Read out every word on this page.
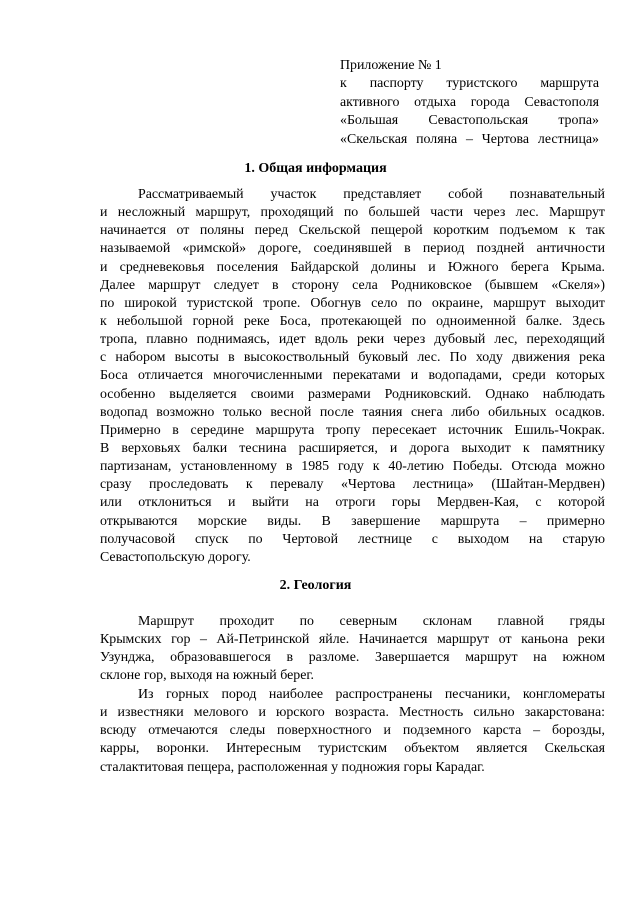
Приложение № 1
к паспорту туристского маршрута
активного отдыха города Севастополя
«Большая Севастопольская тропа»
«Скельская поляна – Чертова лестница»
1. Общая информация
Рассматриваемый участок представляет собой познавательный
и несложный маршрут, проходящий по большей части через лес. Маршрут
начинается от поляны перед Скельской пещерой коротким подъемом к так
называемой «римской» дороге, соединявшей в период поздней античности
и средневековья поселения Байдарской долины и Южного берега Крыма.
Далее маршрут следует в сторону села Родниковское (бывшем «Скеля»)
по широкой туристской тропе. Обогнув село по окраине, маршрут выходит
к небольшой горной реке Боса, протекающей по одноименной балке. Здесь
тропа, плавно поднимаясь, идет вдоль реки через дубовый лес, переходящий
с набором высоты в высокоствольный буковый лес. По ходу движения река
Боса отличается многочисленными перекатами и водопадами, среди которых
особенно выделяется своими размерами Родниковский. Однако наблюдать
водопад возможно только весной после таяния снега либо обильных осадков.
Примерно в середине маршрута тропу пересекает источник Ешиль-Чокрак.
В верховьях балки теснина расширяется, и дорога выходит к памятнику
партизанам, установленному в 1985 году к 40-летию Победы. Отсюда можно
сразу проследовать к перевалу «Чертова лестница» (Шайтан-Мердвен)
или отклониться и выйти на отроги горы Мердвен-Кая, с которой
открываются морские виды. В завершение маршрута – примерно
получасовой спуск по Чертовой лестнице с выходом на старую
Севастопольскую дорогу.
2. Геология
Маршрут проходит по северным склонам главной гряды
Крымских гор – Ай-Петринской яйле. Начинается маршрут от каньона реки
Узунджа, образовавшегося в разломе. Завершается маршрут на южном
склоне гор, выходя на южный берег.
Из горных пород наиболее распространены песчаники, конгломераты
и известняки мелового и юрского возраста. Местность сильно закарстована:
всюду отмечаются следы поверхностного и подземного карста – борозды,
карры, воронки. Интересным туристским объектом является Скельская
сталактитовая пещера, расположенная у подножия горы Карадаг.
